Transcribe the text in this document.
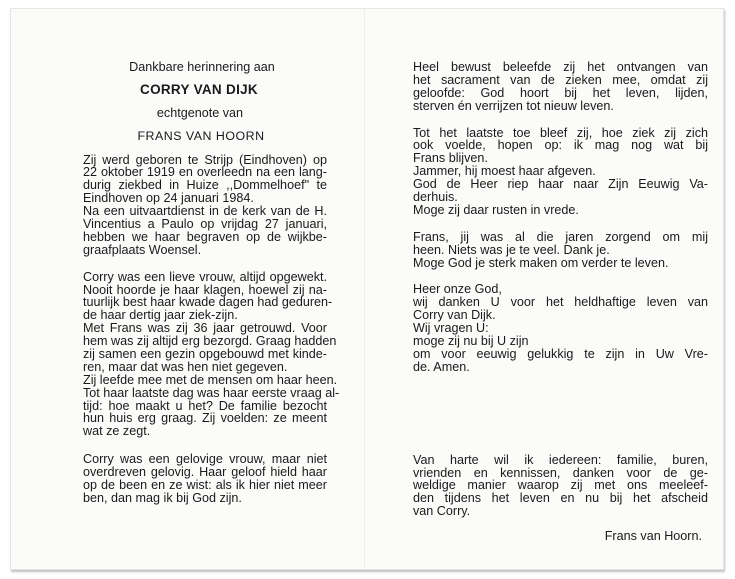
Dankbare herinnering aan
CORRY VAN DIJK
echtgenote van
FRANS VAN HOORN
Zij werd geboren te Strijp (Eindhoven) op
22 oktober 1919 en overleedn na een lang-
durig ziekbed in Huize ,,Dommelhoef" te
Eindhoven op 24 januari 1984.
Na een uitvaartdienst in de kerk van de H.
Vincentius a Paulo op vrijdag 27 januari,
hebben we haar begraven op de wijkbe-
graafplaats Woensel.
Corry was een lieve vrouw, altijd opgewekt.
Nooit hoorde je haar klagen, hoewel zij na-
tuurlijk best haar kwade dagen had geduren-
de haar dertig jaar ziek-zijn.
Met Frans was zij 36 jaar getrouwd. Voor
hem was zij altijd erg bezorgd. Graag hadden
zij samen een gezin opgebouwd met kinde-
ren, maar dat was hen niet gegeven.
Zij leefde mee met de mensen om haar heen.
Tot haar laatste dag was haar eerste vraag al-
tijd: hoe maakt u het? De familie bezocht
hun huis erg graag. Zij voelden: ze meent
wat ze zegt.
Corry was een gelovige vrouw, maar niet
overdreven gelovig. Haar geloof hield haar
op de been en ze wist: als ik hier niet meer
ben, dan mag ik bij God zijn.
Heel bewust beleefde zij het ontvangen van
het sacrament van de zieken mee, omdat zij
geloofde: God hoort bij het leven, lijden,
sterven én verrijzen tot nieuw leven.
Tot het laatste toe bleef zij, hoe ziek zij zich
ook voelde, hopen op: ik mag nog wat bij
Frans blijven.
Jammer, hij moest haar afgeven.
God de Heer riep haar naar Zijn Eeuwig Va-
derhuis.
Moge zij daar rusten in vrede.
Frans, jij was al die jaren zorgend om mij
heen. Niets was je te veel. Dank je.
Moge God je sterk maken om verder te leven.
Heer onze God,
wij danken U voor het heldhaftige leven van
Corry van Dijk.
Wij vragen U:
moge zij nu bij U zijn
om voor eeuwig gelukkig te zijn in Uw Vre-
de. Amen.
Van harte wil ik iedereen: familie, buren,
vrienden en kennissen, danken voor de ge-
weldige manier waarop zij met ons meeleef-
den tijdens het leven en nu bij het afscheid
van Corry.
Frans van Hoorn.
